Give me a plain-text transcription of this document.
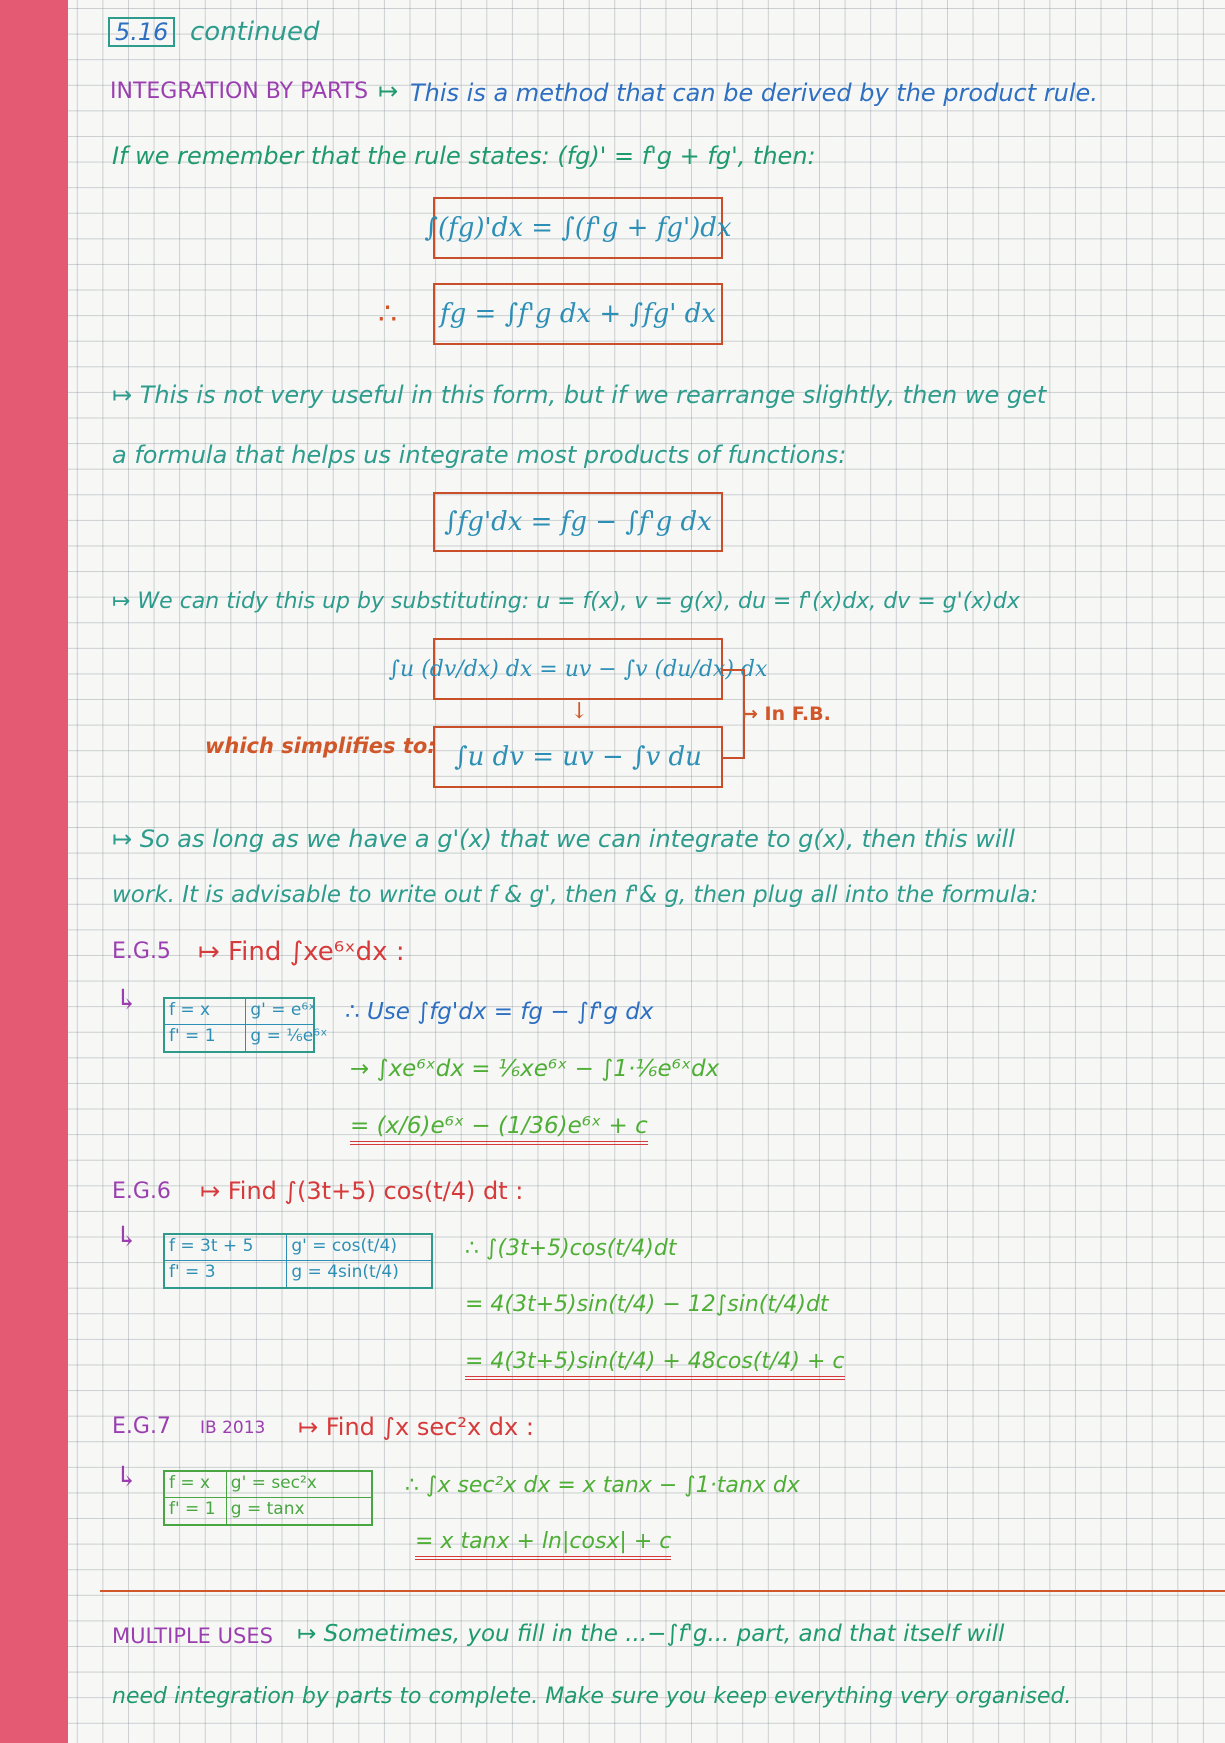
5.16 continued
INTEGRATION BY PARTS ↦ This is a method that can be derived by the product rule.
If we remember that the rule states: (fg)' = f'g + fg', then:
∫(fg)'dx = ∫(f'g + fg')dx
∴ fg = ∫f'g dx + ∫fg' dx
↦ This is not very useful in this form, but if we rearrange slightly, then we get
a formula that helps us integrate most products of functions:
∫fg'dx = fg − ∫f'g dx
↦ We can tidy this up by substituting: u = f(x), v = g(x), du = f'(x)dx, dv = g'(x)dx
∫u (dv/dx) dx = uv − ∫v (du/dx) dx
↓
which simplifies to: ∫u dv = uv − ∫v du
↦ In F.B.
↦ So as long as we have a g'(x) that we can integrate to g(x), then this will
work. It is advisable to write out f & g', then f'& g, then plug all into the formula:
E.G.5 ↦ Find ∫xe⁶ˣdx :
↳ f = x	g' = e⁶ˣ
f' = 1	g = ⅙e⁶ˣ
∴ Use ∫fg'dx = fg − ∫f'g dx
→ ∫xe⁶ˣdx = ⅙xe⁶ˣ − ∫1·⅙e⁶ˣdx
= (x/6)e⁶ˣ − (1/36)e⁶ˣ + c
E.G.6 ↦ Find ∫(3t+5) cos(t/4) dt :
↳ f = 3t + 5	g' = cos(t/4)
f' = 3	g = 4sin(t/4)
∴ ∫(3t+5)cos(t/4)dt
= 4(3t+5)sin(t/4) − 12∫sin(t/4)dt
= 4(3t+5)sin(t/4) + 48cos(t/4) + c
E.G.7 IB 2013 ↦ Find ∫x sec²x dx :
↳ f = x	g' = sec²x
f' = 1 g = tanx
∴ ∫x sec²x dx = x tanx − ∫1·tanx dx
= x tanx + ln|cosx| + c
MULTIPLE USES ↦ Sometimes, you fill in the ...−∫f'g... part, and that itself will
need integration by parts to complete. Make sure you keep everything very organised.
